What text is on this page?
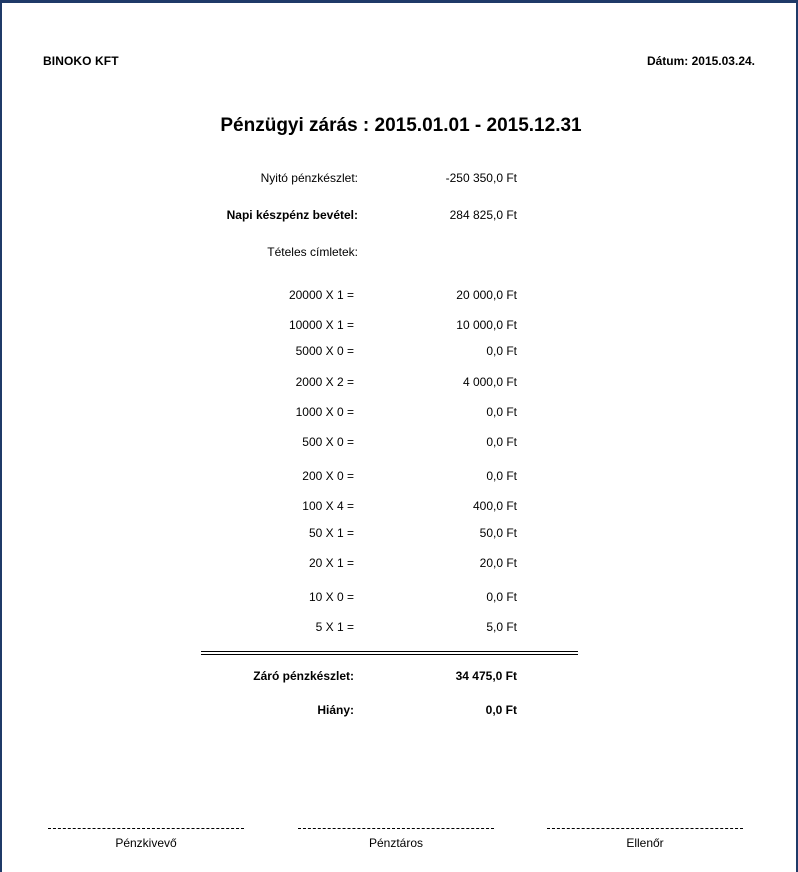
BINOKO KFT	Dátum: 2015.03.24.
Pénzügyi zárás : 2015.01.01 - 2015.12.31
Nyitó pénzkészlet:	-250 350,0 Ft
Napi készpénz bevétel:	284 825,0 Ft
Tételes címletek:
20000 X 1 =	20 000,0 Ft
10000 X 1 =	10 000,0 Ft
5000 X 0 =	0,0 Ft
2000 X 2 =	4 000,0 Ft
1000 X 0 =	0,0 Ft
500 X 0 =	0,0 Ft
200 X 0 =	0,0 Ft
100 X 4 =	400,0 Ft
50 X 1 =	50,0 Ft
20 X 1 =	20,0 Ft
10 X 0 =	0,0 Ft
5 X 1 =	5,0 Ft
Záró pénzkészlet:	34 475,0 Ft
Hiány:	0,0 Ft
Pénzkivevő	Pénztáros	Ellenőr
